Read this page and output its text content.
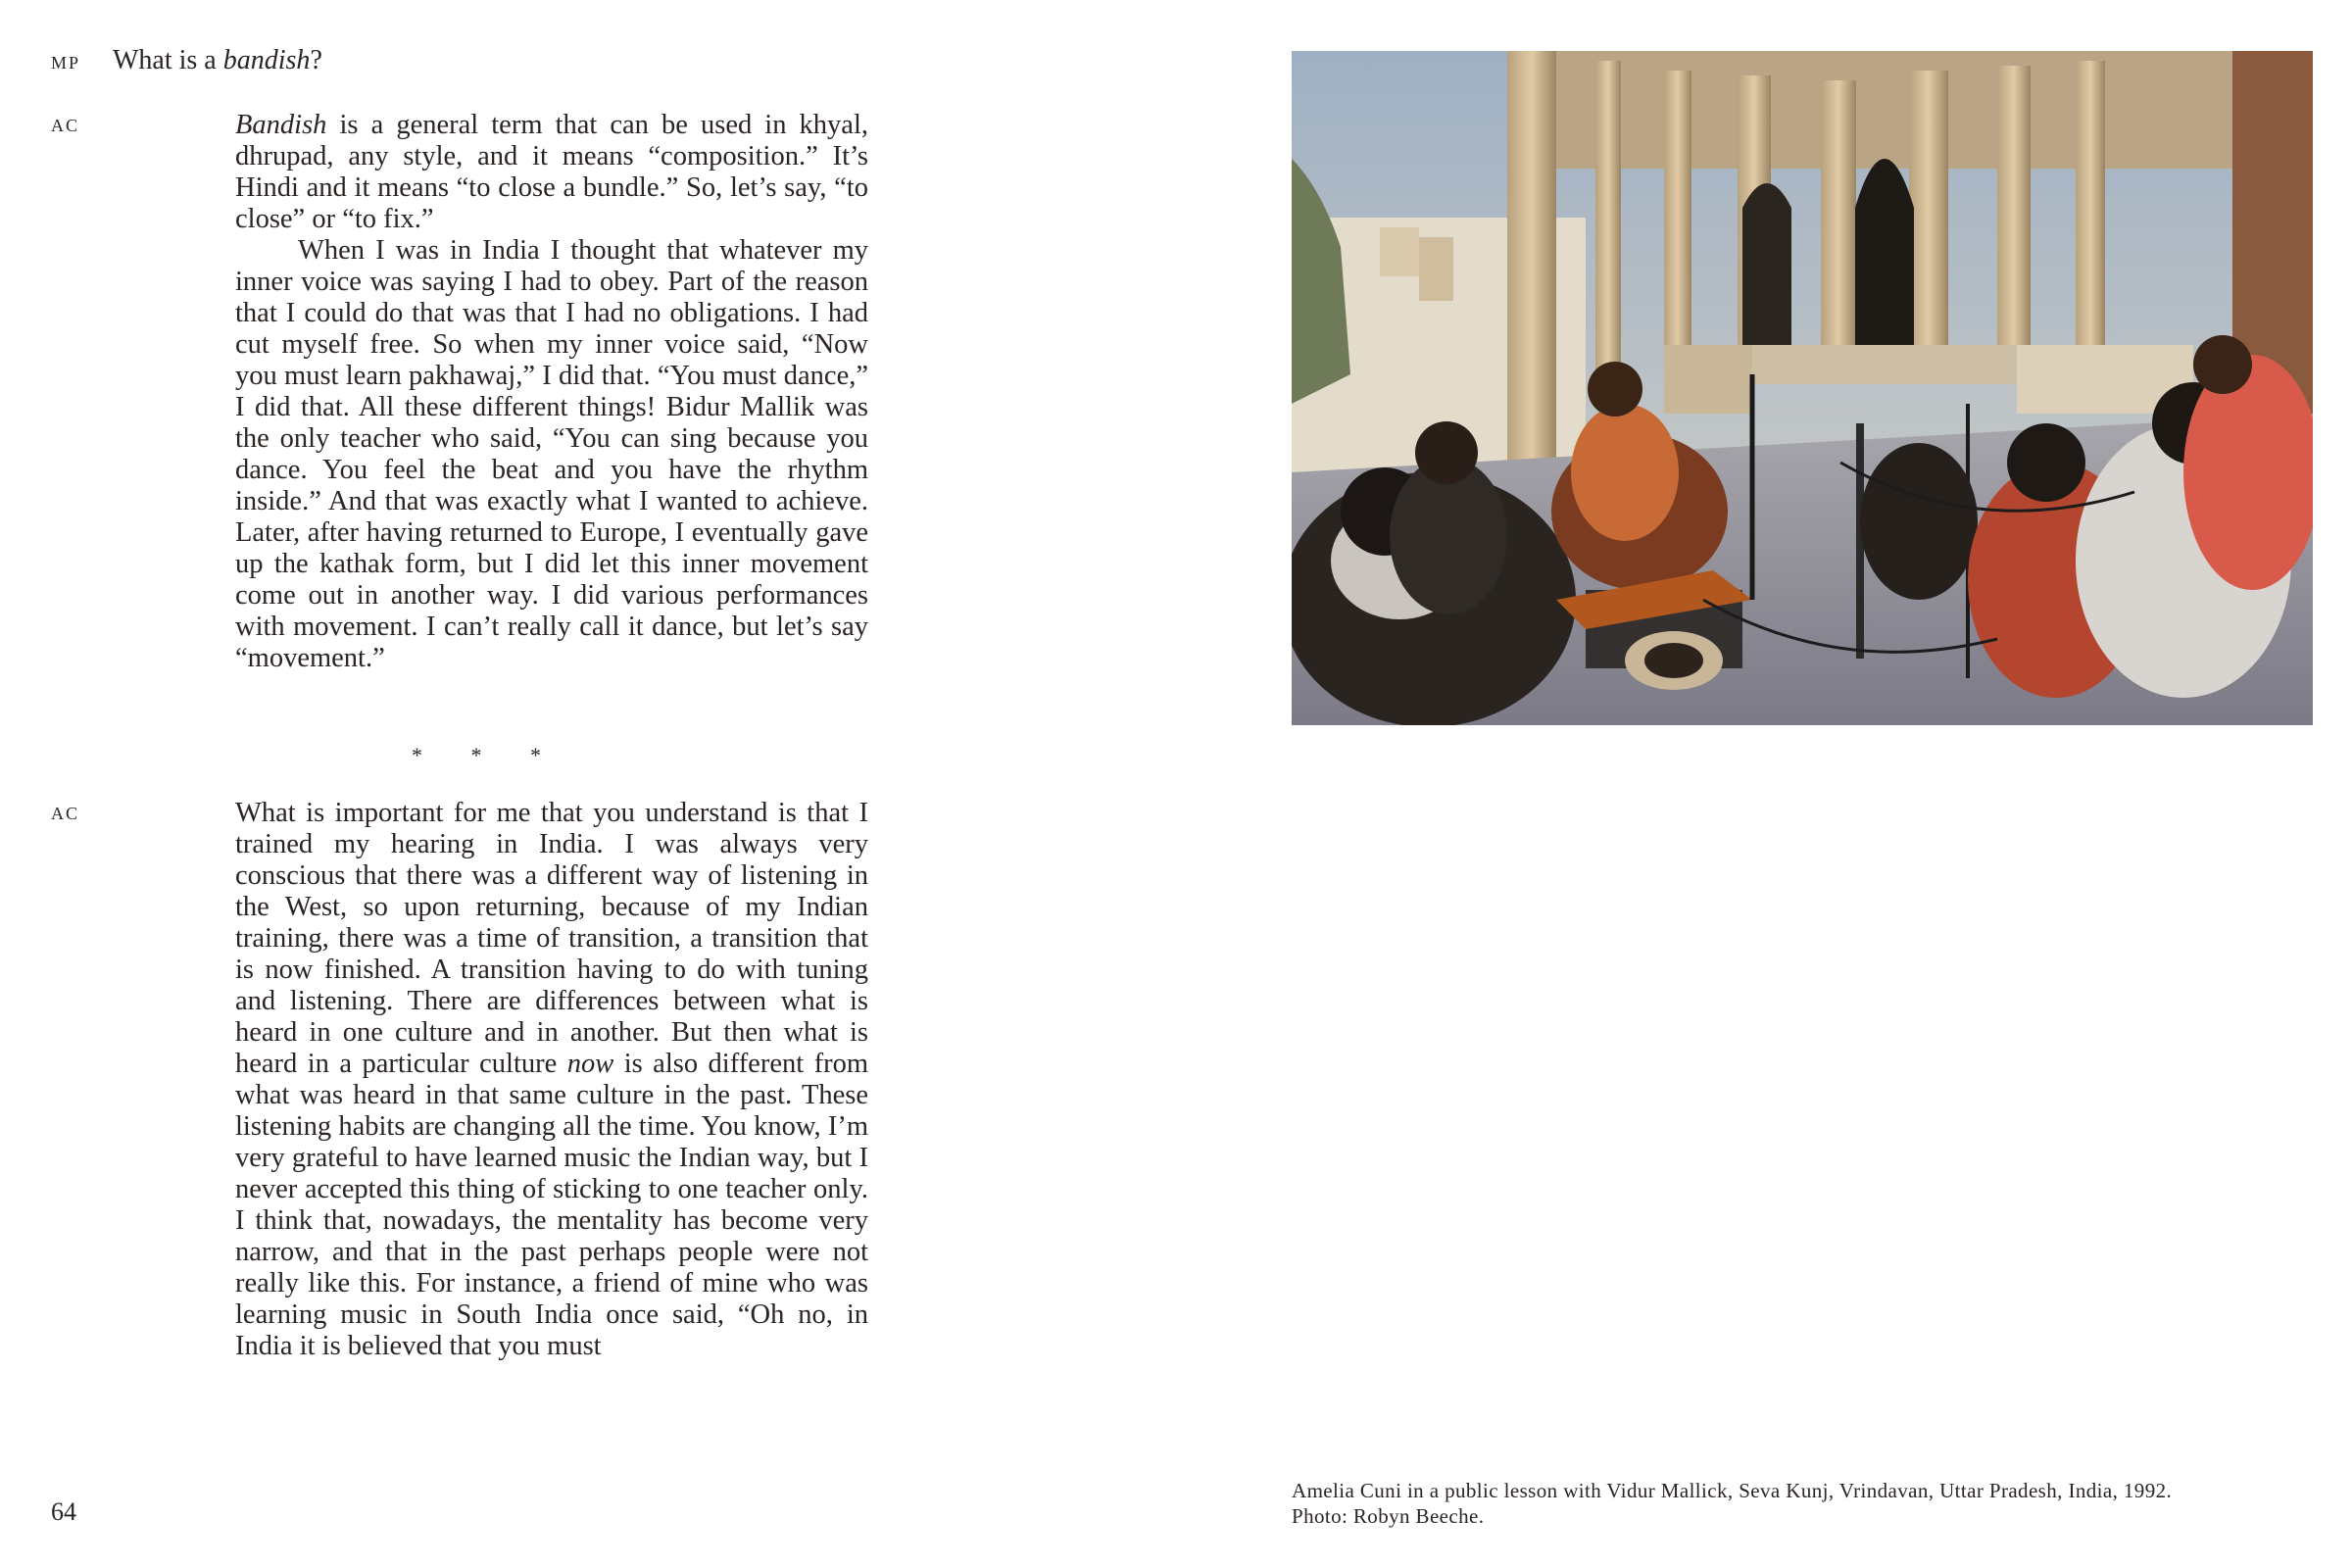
MP What is a bandish?
AC	Bandish is a general term that can be used in khyal, dhrupad, any style, and it means “composition.” It’s Hindi and it means “to close a bundle.” So, let’s say, “to close” or “to fix.”

When I was in India I thought that whatever my inner voice was saying I had to obey. Part of the reason that I could do that was that I had no obligations. I had cut myself free. So when my inner voice said, “Now you must learn pakhawaj,” I did that. “You must dance,” I did that. All these different things! Bidur Mallik was the only teacher who said, “You can sing because you dance. You feel the beat and you have the rhythm inside.” And that was exactly what I wanted to achieve. Later, after having returned to Europe, I eventually gave up the kathak form, but I did let this inner movement come out in another way. I did various performances with movement. I can’t really call it dance, but let’s say “movement.”

* * *
AC	What is important for me that you understand is that I trained my hearing in India. I was always very conscious that there was a different way of listening in the West, so upon returning, because of my Indian training, there was a time of transition, a transition that is now finished. A transition having to do with tuning and listening. There are differences between what is heard in one culture and in another. But then what is heard in a particular culture now is also different from what was heard in that same culture in the past. These listening habits are changing all the time. You know, I’m very grateful to have learned music the Indian way, but I never accepted this thing of sticking to one teacher only. I think that, nowadays, the mentality has become very narrow, and that in the past perhaps people were not really like this. For instance, a friend of mine who was learning music in South India once said, “Oh no, in India it is believed that you must

64
Amelia Cuni in a public lesson with Vidur Mallick, Seva Kunj, Vrindavan, Uttar Pradesh, India, 1992.
Photo: Robyn Beeche.
